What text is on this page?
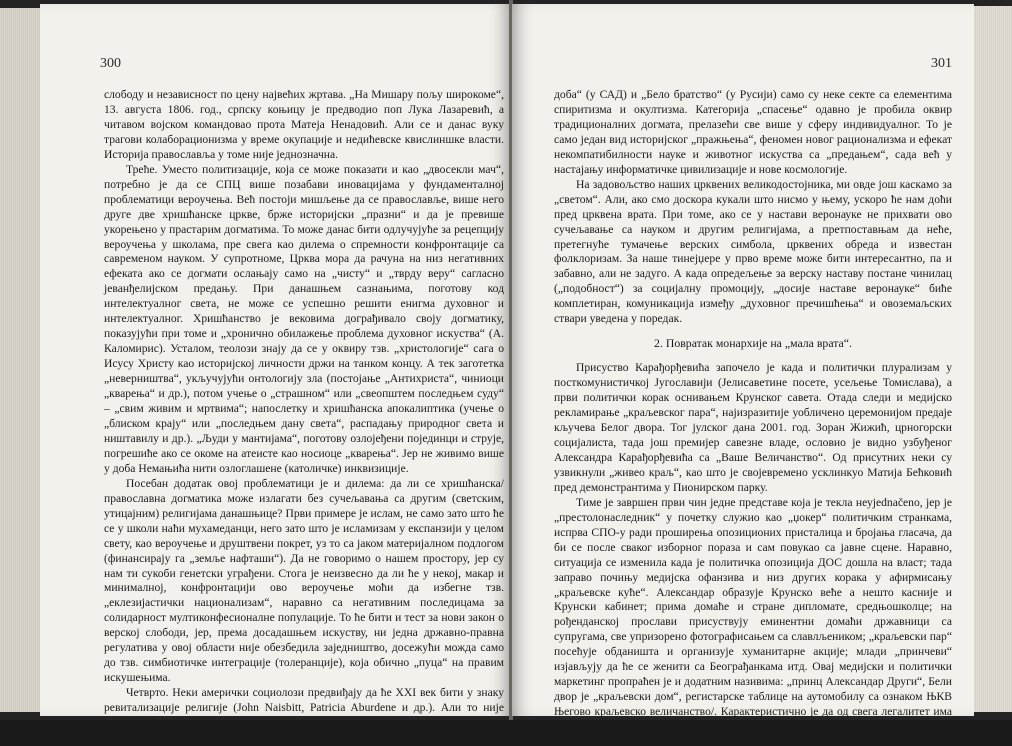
300

слободу и независност по цену највећих жртава. „На Мишару пољу широкоме“, 13. августа 1806. год., српску коњицу је предводио поп Лука Лазаревић, а читавом војском командовао прота Матеја Ненадовић. Али се и данас вуку трагови колаборационизма у време окупације и недићевске квислиншке власти. Историја православља у томе није једнозначна.

Треће. Уместо политизације, која се може показати и као „двосекли мач“, потребно је да се СПЦ више позабави иновацијама у фундаменталној проблематици вероучења. Већ постоји мишљење да се православље, више него друге две хришћанске цркве, брже историјски „празни“ и да је превише укорењено у прастарим догматима. То може данас бити одлучујуће за рецепцију вероучења у школама, пре свега као дилема о спремности конфронтације са савременом науком. У супротноме, Црква мора да рачуна на низ негативних ефеката ако се догмати ослањају само на „чисту“ и „тврду веру“ сагласно јеванђелијском предању. При данашњем сазнањима, поготову код интелектуалног света, не може се успешно решити енигма духовног и интелектуалног. Хришћанство је вековима дограђивало своју догматику, показујући при томе и „хронично обилажење проблема духовног искуства“ (А. Каломирис). Усталом, теолози знају да се у оквиру тзв. „христологије“ сага о Исусу Христу као историјској личности држи на танком концу. А тек заготетка „неверништва“, укључујући онтологију зла (постојање „Антихриста“, чиниоци „кварења“ и др.), потом учење о „страшном“ или „свеопштем последњем суду“ – „свим живим и мртвима“; напослетку и хришћанска апокалиптика (учење о „блиском крају“ или „последњем дану света“, распадању природног света и ништавилу и др.). „Људи у мантијама“, поготову озлојеђени појединци и струје, погрешиће ако се окоме на атеисте као носиоце „кварења“. Јер не живимо више у доба Немањића нити озлоглашене (католичке) инквизиције.

Посебан додатак овој проблематици је и дилема: да ли се хришћанска/православна догматика може излагати без сучељавања са другим (светским, утицајним) религијама данашњице? Први примере је ислам, не само зато што ће се у школи наћи мухамеданци, него зато што је исламизам у експанзији у целом свету, као вероучење и друштвени покрет, уз то са јаком материјалном подлогом (финансирају га „земље нафташи“). Да не говоримо о нашем простору, јер су нам ти сукоби генетски уграђени. Стога је неизвесно да ли ће у некој, макар и минималној, конфронтацији ово вероучење моћи да избегне тзв. „еклезијастички национализам“, наравно са негативним последицама за солидарност мултиконфесионалне популације. То ће бити и тест за нови закон о верској слободи, јер, према досадашњем искуству, ни једна државно-правна регулатива у овој области није обезбедила заједништво, досежући можда само до тзв. симбиотичке интеграције (толеранције), која обично „пуца“ на правим искушењима.

Четврто. Неки амерички социолози предвиђају да ће XXI век бити у знаку ревитализације религије (John Naisbitt, Patricia Aburdene и др.). Али то није охрабрујуће за цркву и вернике, јер се ради о експанзији тзв. „алтернативних религија“ и „нових верника“. „Ред соларног храма“, „Ново

301

доба“ (у САД) и „Бело братство“ (у Русији) само су неке секте са елементима спиритизма и окултизма. Категорија „спасење“ одавно је пробила оквир традиционалних догмата, прелазећи све више у сферу индивидуалног. То је само један вид историјског „пражњења“, феномен новог рационализма и ефекат некомпатибилности науке и животног искуства са „предањем“, сада већ у настајању информатичке цивилизације и нове космологије.

На задовољство наших црквених великодостојника, ми овде још каскамо за „светом“. Али, ако смо доскора кукали што нисмо у њему, ускоро ће нам доћи пред црквена врата. При томе, ако се у настави веронауке не прихвати ово сучељавање са науком и другим религијама, а претпоставњам да неће, претегнуће тумачење верских симбола, црквених обреда и известан фолклоризам. За наше тинејџере у прво време може бити интересантно, па и забавно, али не задуго. А када опредељење за верску наставу постане чинилац („подобност“) за социјалну промоцију, „досије наставе веронауке“ биће комплетиран, комуникација између „духовног пречишћења“ и овоземаљских ствари уведена у поредак.

2. Повратак монархије на „мала врата“.

Присуство Карађорђевића започело је када и политички плурализам у посткомунистичкој Југославији (Јелисаветине посете, усељење Томислава), а први политички корак оснивањем Крунског савета. Отада следи и медијско рекламирање „краљевског пара“, најизразитије уобличено церемонијом предаје кључева Белог двора. Тог јулског дана 2001. год. Зоран Жижић, црногорски социјалиста, тада још премијер савезне владе, ословио је видно узбуђеног Александра Карађорђевића са „Ваше Величанство“. Од присутних неки су узвикнули „живео краљ“, као што је својевремено усклинкуо Матија Бећковић пред демонстрантима у Пионирском парку.

Тиме је завршен први чин једне представе која је текла неујednačeno, јер је „престолонаследник“ у почетку служио као „џокер“ политичким странкама, испрва СПО-у ради проширења опозиционих присталица и бројања гласача, да би се после сваког изборног пораза и сам повукао са јавне сцене. Наравно, ситуација се изменила када је политичка опозиција ДОС дошла на власт; тада заправо почињу медијска офанзива и низ других корака у афирмисању „краљевске куће“. Александар образује Крунско веће а нешто касније и Крунски кабинет; прима домаће и стране дипломате, средњошколце; на рођенданској прослави присуствују еминентни домаћи државници са супругама, све упризорено фотографисањем са славлљеником; „краљевски пар“ посећује обданишта и организује хуманитарне акције; млади „принчеви“ изјављују да ће се женити са Београђанкама итд. Овај медијски и политички маркетинг пропраћен је и додатним називима: „принц Александар Други“, Бели двор је „краљевски дом“, регистарске таблице на аутомобилу са ознаком ЊКВ Његово краљевско величанство/. Карактеристично је да од свега легалитет има само предаја кључева Белог
